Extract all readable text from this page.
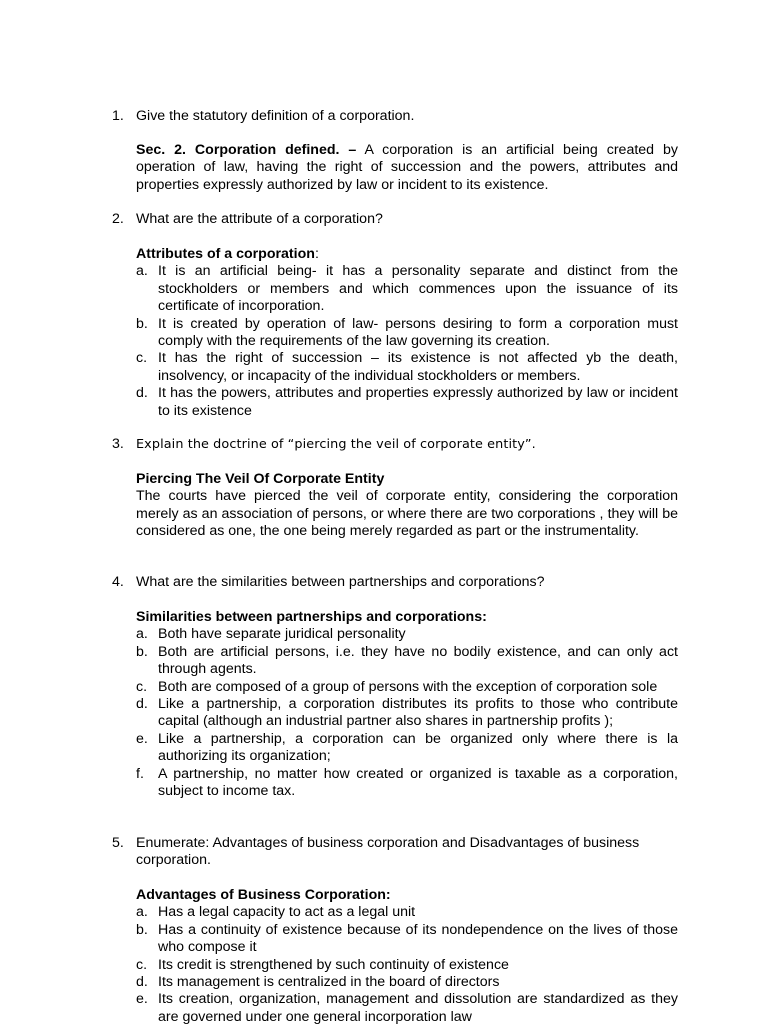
1. Give the statutory definition of a corporation.
Sec. 2. Corporation defined. – A corporation is an artificial being created by operation of law, having the right of succession and the powers, attributes and properties expressly authorized by law or incident to its existence.
2. What are the attribute of a corporation?
Attributes of a corporation:
a. It is an artificial being- it has a personality separate and distinct from the stockholders or members and which commences upon the issuance of its certificate of incorporation.
b. It is created by operation of law- persons desiring to form a corporation must comply with the requirements of the law governing its creation.
c. It has the right of succession – its existence is not affected yb the death, insolvency, or incapacity of the individual stockholders or members.
d. It has the powers, attributes and properties expressly authorized by law or incident to its existence
3. Explain the doctrine of “piercing the veil of corporate entity”.
Piercing The Veil Of Corporate Entity
The courts have pierced the veil of corporate entity, considering the corporation merely as an association of persons, or where there are two corporations , they will be considered as one, the one being merely regarded as part or the instrumentality.
4. What are the similarities between partnerships and corporations?
Similarities between partnerships and corporations:
a. Both have separate juridical personality
b. Both are artificial persons, i.e. they have no bodily existence, and can only act through agents.
c. Both are composed of a group of persons with the exception of corporation sole
d. Like a partnership, a corporation distributes its profits to those who contribute capital (although an industrial partner also shares in partnership profits );
e. Like a partnership, a corporation can be organized only where there is la authorizing its organization;
f. A partnership, no matter how created or organized is taxable as a corporation, subject to income tax.
5. Enumerate: Advantages of business corporation and Disadvantages of business corporation.
Advantages of Business Corporation:
a. Has a legal capacity to act as a legal unit
b. Has a continuity of existence because of its nondependence on the lives of those who compose it
c. Its credit is strengthened by such continuity of existence
d. Its management is centralized in the board of directors
e. Its creation, organization, management and dissolution are standardized as they are governed under one general incorporation law
